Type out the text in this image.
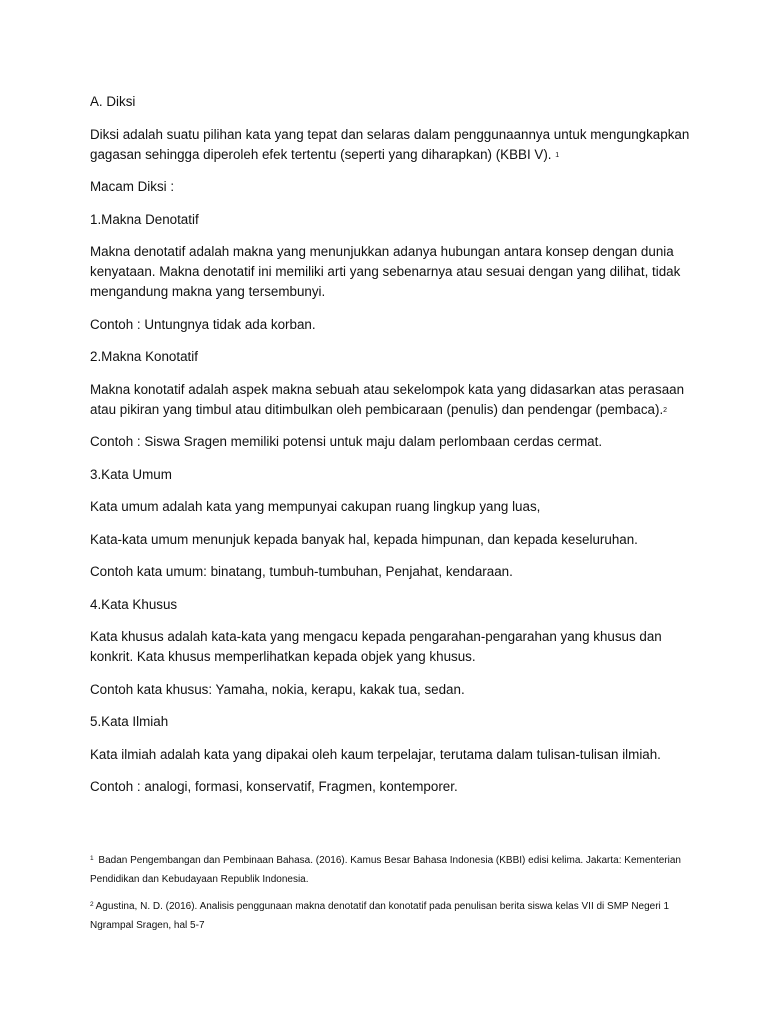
A. Diksi

Diksi adalah suatu pilihan kata yang tepat dan selaras dalam penggunaannya untuk mengungkapkan gagasan sehingga diperoleh efek tertentu (seperti yang diharapkan) (KBBI V). $^1$

Macam Diksi :

1.Makna Denotatif

Makna denotatif adalah makna yang menunjukkan adanya hubungan antara konsep dengan dunia kenyataan. Makna denotatif ini memiliki arti yang sebenarnya atau sesuai dengan yang dilihat, tidak mengandung makna yang tersembunyi.

Contoh : Untungnya tidak ada korban.

2.Makna Konotatif

Makna konotatif adalah aspek makna sebuah atau sekelompok kata yang didasarkan atas perasaan atau pikiran yang timbul atau ditimbulkan oleh pembicaraan (penulis) dan pendengar (pembaca).$^2$

Contoh : Siswa Sragen memiliki potensi untuk maju dalam perlombaan cerdas cermat.

3.Kata Umum

Kata umum adalah kata yang mempunyai cakupan ruang lingkup yang luas,

Kata-kata umum menunjuk kepada banyak hal, kepada himpunan, dan kepada keseluruhan.

Contoh kata umum: binatang, tumbuh-tumbuhan, Penjahat, kendaraan.

4.Kata Khusus

Kata khusus adalah kata-kata yang mengacu kepada pengarahan-pengarahan yang khusus dan konkrit. Kata khusus memperlihatkan kepada objek yang khusus.

Contoh kata khusus: Yamaha, nokia, kerapu, kakak tua, sedan.

5.Kata Ilmiah

Kata ilmiah adalah kata yang dipakai oleh kaum terpelajar, terutama dalam tulisan-tulisan ilmiah.

Contoh : analogi, formasi, konservatif, Fragmen, kontemporer.

$^1$ Badan Pengembangan dan Pembinaan Bahasa. (2016). Kamus Besar Bahasa Indonesia (KBBI) edisi kelima. Jakarta: Kementerian Pendidikan dan Kebudayaan Republik Indonesia.

$^2$ Agustina, N. D. (2016). Analisis penggunaan makna denotatif dan konotatif pada penulisan berita siswa kelas VII di SMP Negeri 1 Ngrampal Sragen, hal 5-7
